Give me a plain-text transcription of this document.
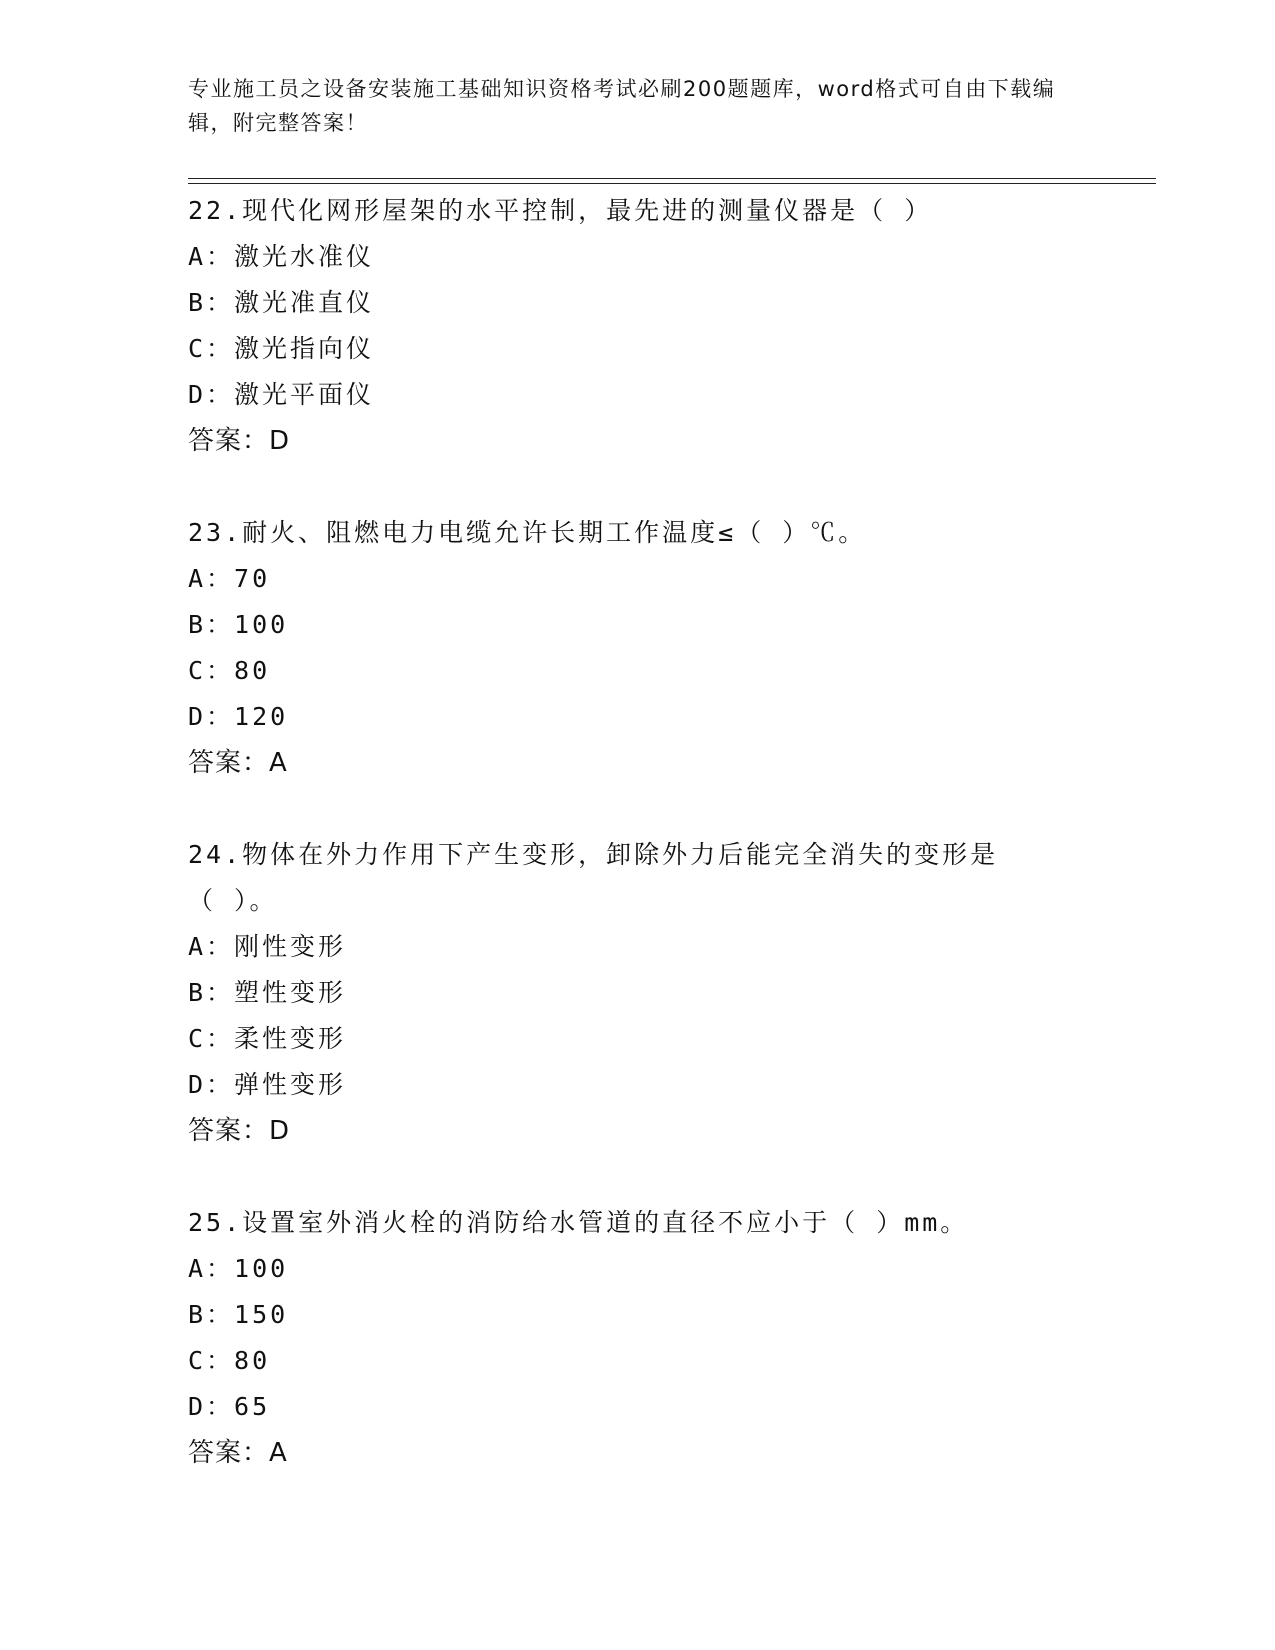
专业施工员之设备安装施工基础知识资格考试必刷200题题库，word格式可自由下载编辑，附完整答案！
22.现代化网形屋架的水平控制，最先进的测量仪器是（ ）
A：激光水准仪
B：激光准直仪
C：激光指向仪
D：激光平面仪
答案：D
23.耐火、阻燃电力电缆允许长期工作温度≤（ ）℃。
A：70
B：100
C：80
D：120
答案：A
24.物体在外力作用下产生变形，卸除外力后能完全消失的变形是（ ）。
A：刚性变形
B：塑性变形
C：柔性变形
D：弹性变形
答案：D
25.设置室外消火栓的消防给水管道的直径不应小于（ ）mm。
A：100
B：150
C：80
D：65
答案：A
